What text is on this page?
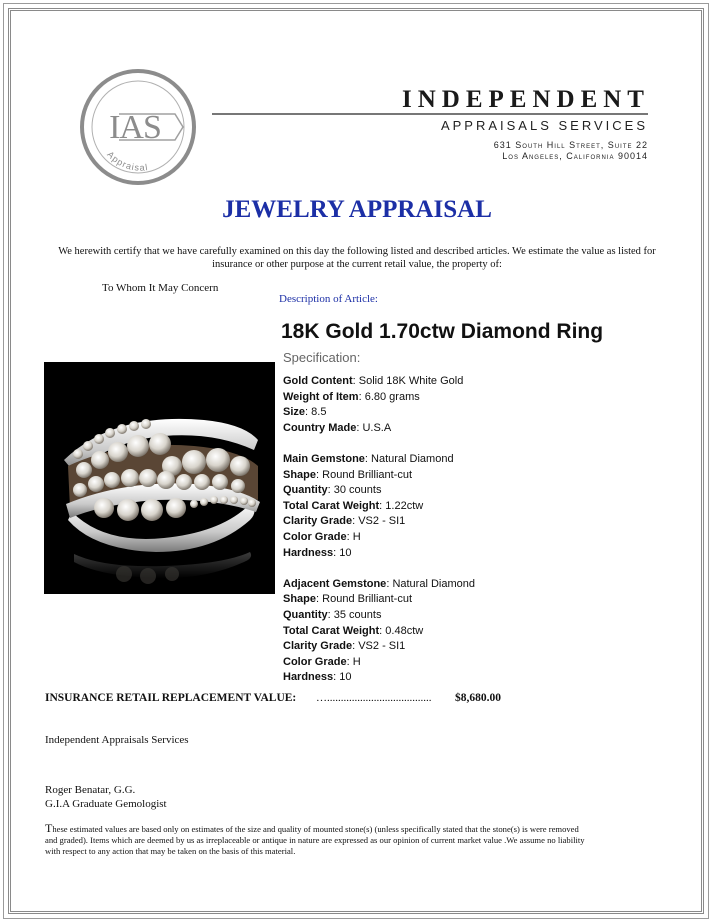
IAS
Appraisal
INDEPENDENT
APPRAISALS SERVICES
631 South Hill Street, Suite 22
Los Angeles, California 90014
JEWELRY APPRAISAL
We herewith certify that we have carefully examined on this day the following listed and described articles. We estimate the value as listed for insurance or other purpose at the current retail value, the property of:
To Whom It May Concern
Description of Article:
18K Gold 1.70ctw Diamond Ring
Specification:
Gold Content: Solid 18K White Gold
Weight of Item: 6.80 grams
Size: 8.5
Country Made: U.S.A
Main Gemstone: Natural Diamond
Shape: Round Brilliant-cut
Quantity: 30 counts
Total Carat Weight: 1.22ctw
Clarity Grade: VS2 - SI1
Color Grade: H
Hardness: 10
Adjacent Gemstone: Natural Diamond
Shape: Round Brilliant-cut
Quantity: 35 counts
Total Carat Weight: 0.48ctw
Clarity Grade: VS2 - SI1
Color Grade: H
Hardness: 10
INSURANCE RETAIL REPLACEMENT VALUE: …...................................... $8,680.00
Independent Appraisals Services
Roger Benatar, G.G.
G.I.A Graduate Gemologist
These estimated values are based only on estimates of the size and quality of mounted stone(s) (unless specifically stated that the stone(s) is were removed and graded). Items which are deemed by us as irreplaceable or antique in nature are expressed as our opinion of current market value .We assume no liability with respect to any action that may be taken on the basis of this material.
